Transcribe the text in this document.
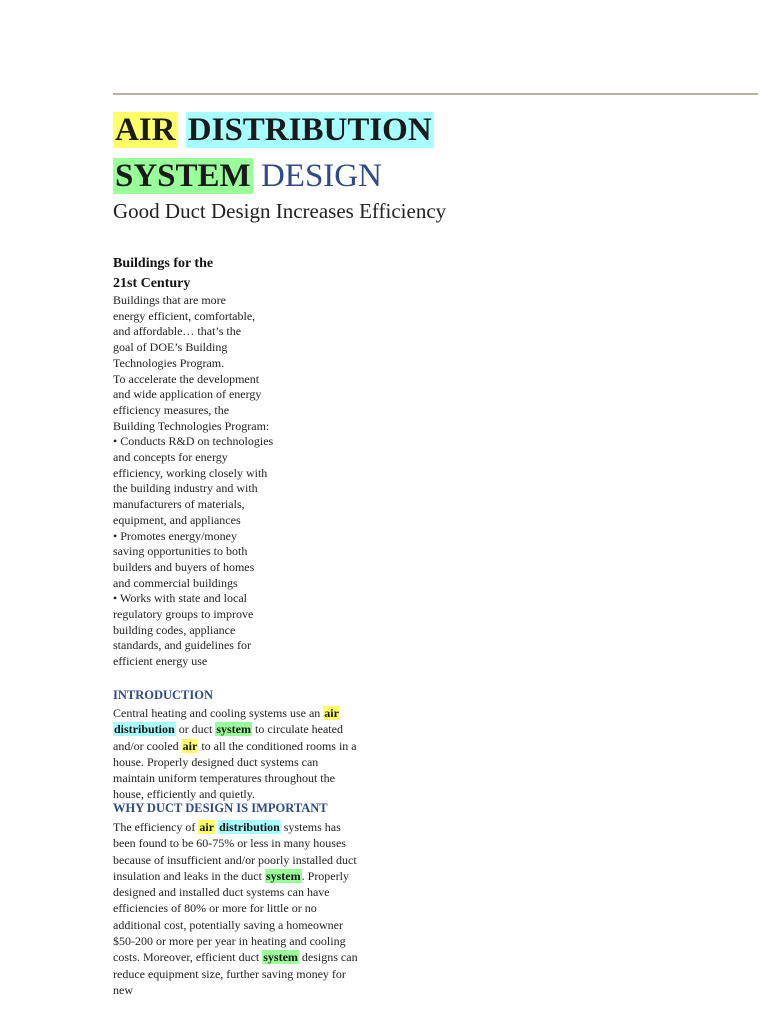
AIR DISTRIBUTION
SYSTEM DESIGN
Good Duct Design Increases Efficiency
Buildings for the
21st Century
Buildings that are more
energy efficient, comfortable,
and affordable… that’s the
goal of DOE’s Building
Technologies Program.
To accelerate the development
and wide application of energy
efficiency measures, the
Building Technologies Program:
• Conducts R&D on technologies
and concepts for energy
efficiency, working closely with
the building industry and with
manufacturers of materials,
equipment, and appliances
• Promotes energy/money
saving opportunities to both
builders and buyers of homes
and commercial buildings
• Works with state and local
regulatory groups to improve
building codes, appliance
standards, and guidelines for
efficient energy use
INTRODUCTION

Central heating and cooling systems use an air distribution or duct system to circulate heated and/or cooled air to all the conditioned rooms in a house. Properly designed duct systems can maintain uniform temperatures throughout the house, efficiently and quietly.

WHY DUCT DESIGN IS IMPORTANT

The efficiency of air distribution systems has been found to be 60-75% or less in many houses because of insufficient and/or poorly installed duct insulation and leaks in the duct system. Properly designed and installed duct systems can have efficiencies of 80% or more for little or no additional cost, potentially saving a homeowner $50-200 or more per year in heating and cooling costs. Moreover, efficient duct system designs can reduce equipment size, further saving money for new
